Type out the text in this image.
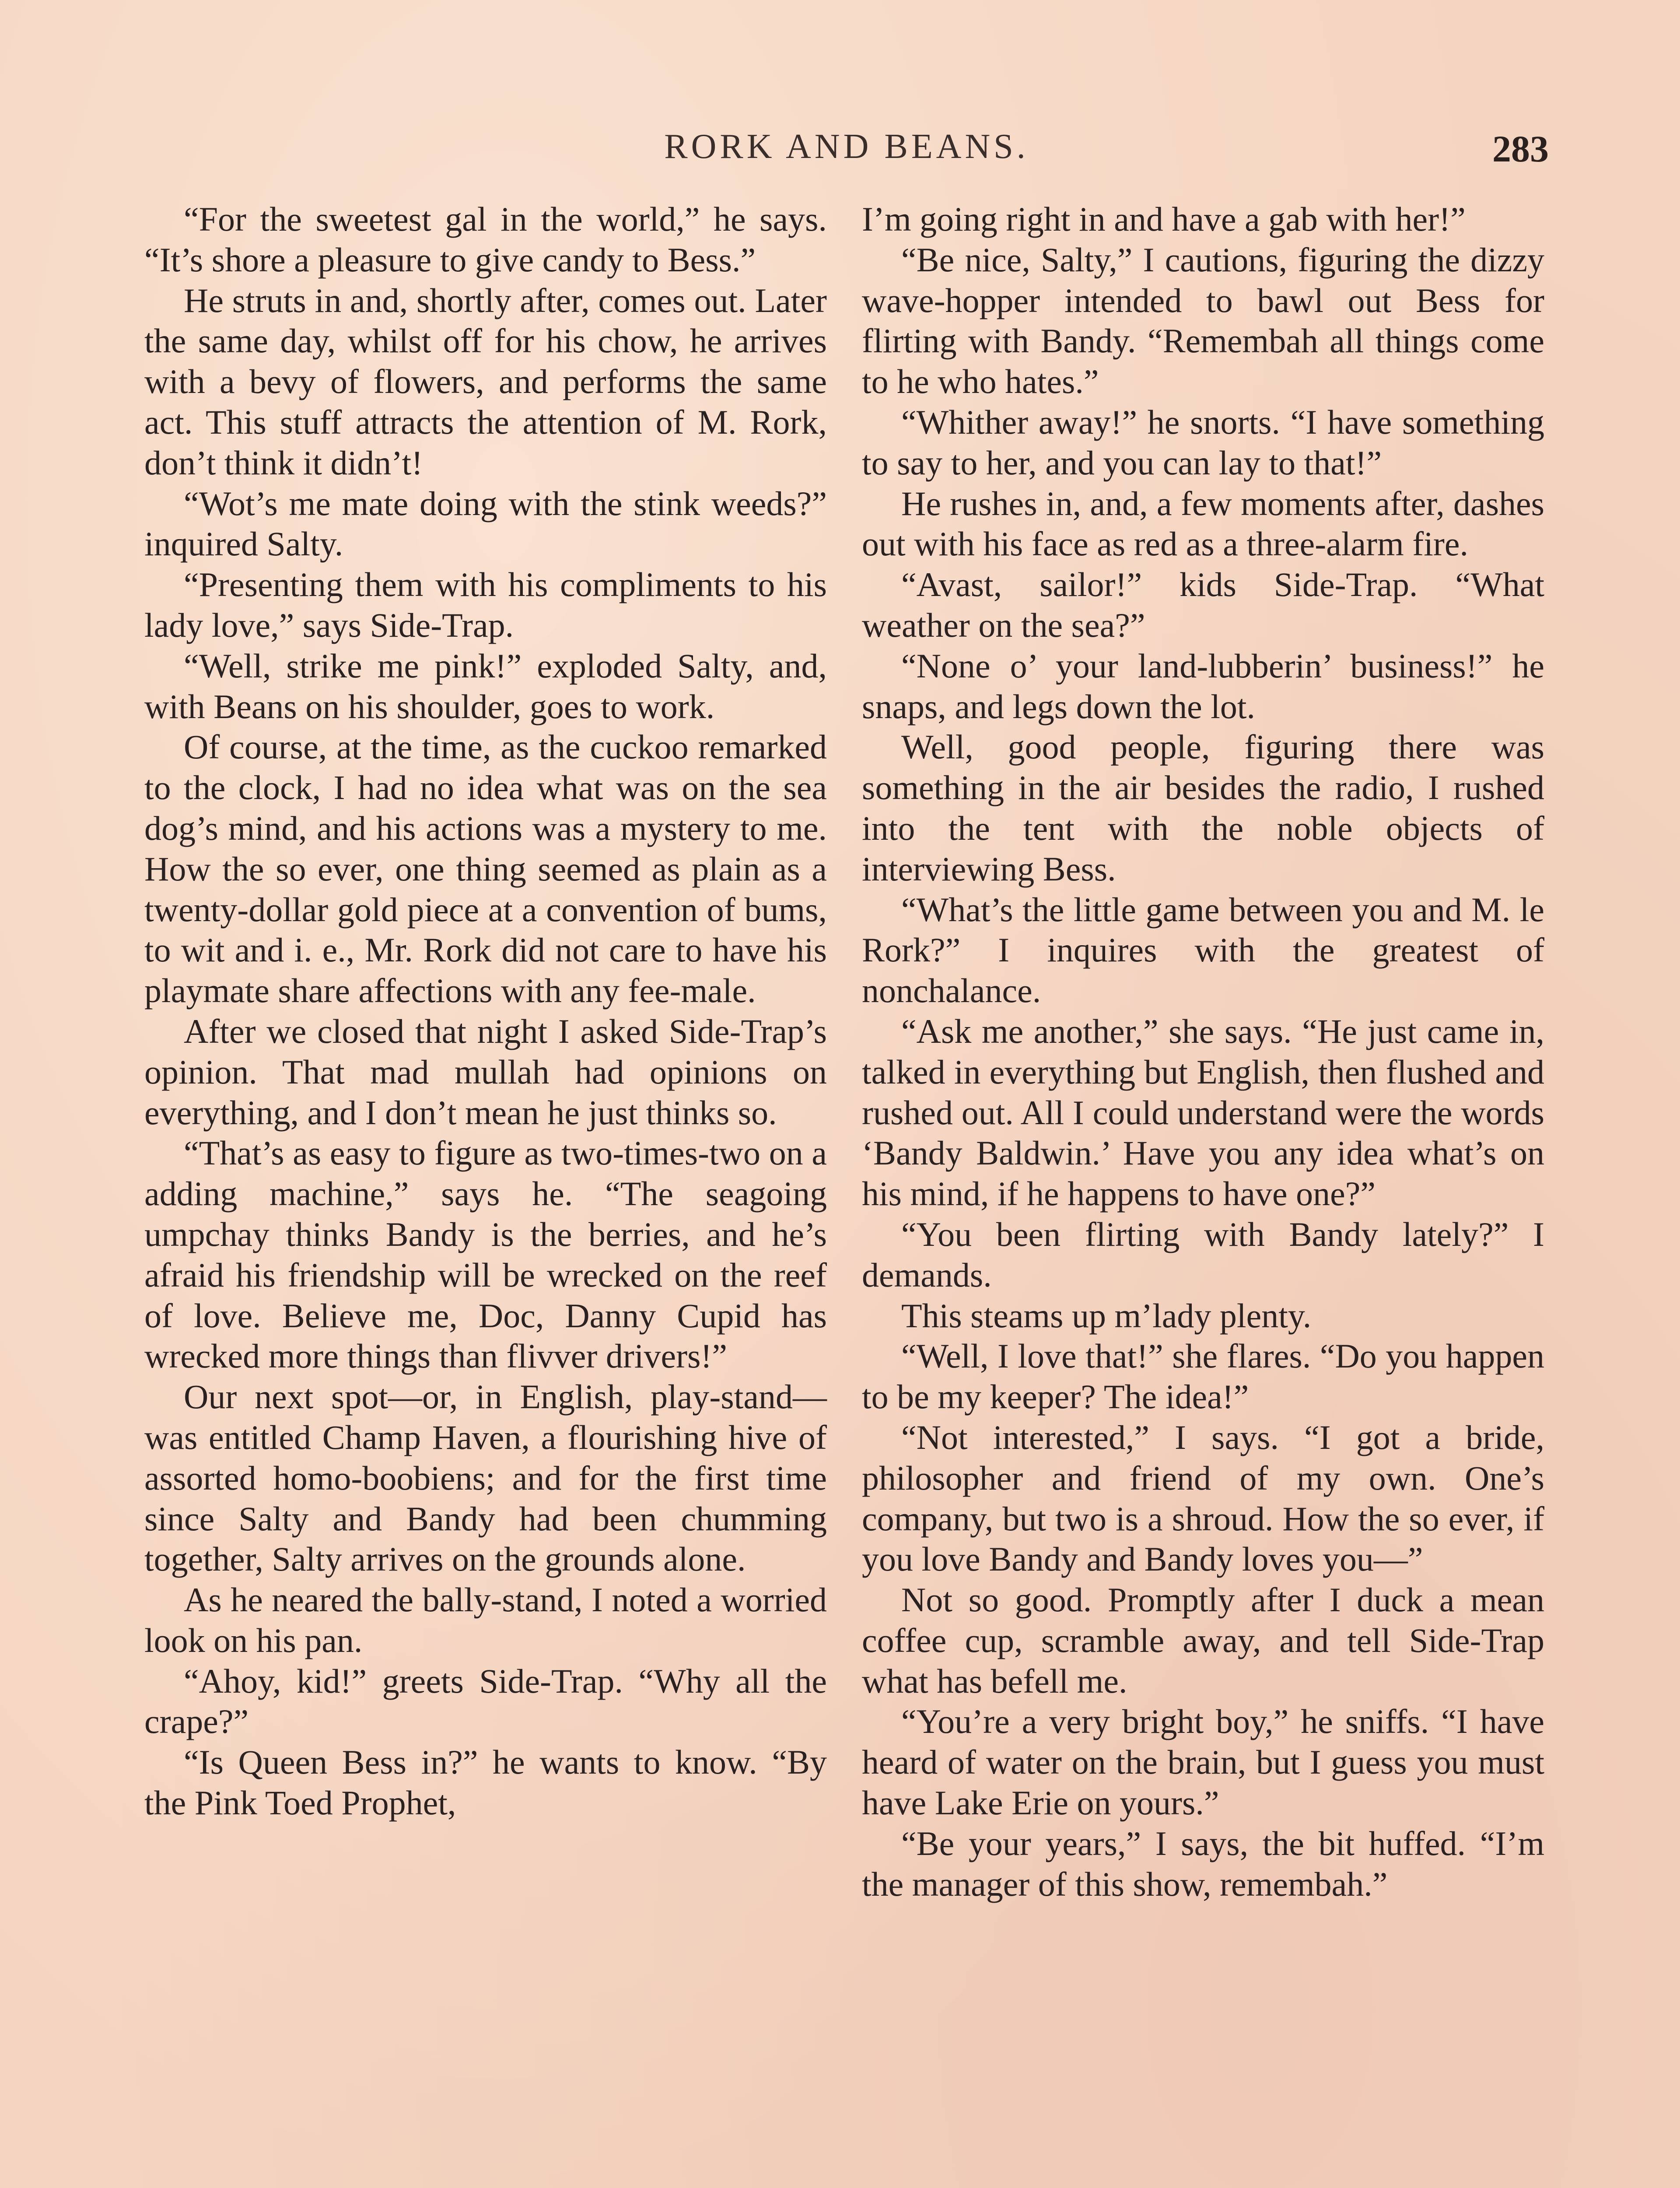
RORK AND BEANS.	283

“For the sweetest gal in the world,” he says. “It’s shore a pleasure to give candy to Bess.”

He struts in and, shortly after, comes out. Later the same day, whilst off for his chow, he arrives with a bevy of flowers, and performs the same act. This stuff attracts the attention of M. Rork, don’t think it didn’t!

“Wot’s me mate doing with the stink weeds?” inquired Salty.

“Presenting them with his compliments to his lady love,” says Side-Trap.

“Well, strike me pink!” exploded Salty, and, with Beans on his shoulder, goes to work.

Of course, at the time, as the cuckoo remarked to the clock, I had no idea what was on the sea dog’s mind, and his actions was a mystery to me. How the so ever, one thing seemed as plain as a twenty-dollar gold piece at a convention of bums, to wit and i. e., Mr. Rork did not care to have his playmate share affections with any fee-male.

After we closed that night I asked Side-Trap’s opinion. That mad mullah had opinions on everything, and I don’t mean he just thinks so.

“That’s as easy to figure as two-times-two on a adding machine,” says he. “The seagoing umpchay thinks Bandy is the berries, and he’s afraid his friendship will be wrecked on the reef of love. Believe me, Doc, Danny Cupid has wrecked more things than flivver drivers!”

Our next spot—or, in English, play-stand—was entitled Champ Haven, a flourishing hive of assorted homo-boobiens; and for the first time since Salty and Bandy had been chumming together, Salty arrives on the grounds alone.

As he neared the bally-stand, I noted a worried look on his pan.

“Ahoy, kid!” greets Side-Trap. “Why all the crape?”

“Is Queen Bess in?” he wants to know. “By the Pink Toed Prophet,

I’m going right in and have a gab with her!”

“Be nice, Salty,” I cautions, figuring the dizzy wave-hopper intended to bawl out Bess for flirting with Bandy. “Remembah all things come to he who hates.”

“Whither away!” he snorts. “I have something to say to her, and you can lay to that!”

He rushes in, and, a few moments after, dashes out with his face as red as a three-alarm fire.

“Avast, sailor!” kids Side-Trap. “What weather on the sea?”

“None o’ your land-lubberin’ business!” he snaps, and legs down the lot.

Well, good people, figuring there was something in the air besides the radio, I rushed into the tent with the noble objects of interviewing Bess.

“What’s the little game between you and M. le Rork?” I inquires with the greatest of nonchalance.

“Ask me another,” she says. “He just came in, talked in everything but English, then flushed and rushed out. All I could understand were the words ‘Bandy Baldwin.’ Have you any idea what’s on his mind, if he happens to have one?”

“You been flirting with Bandy lately?” I demands.

This steams up m’lady plenty.

“Well, I love that!” she flares. “Do you happen to be my keeper? The idea!”

“Not interested,” I says. “I got a bride, philosopher and friend of my own. One’s company, but two is a shroud. How the so ever, if you love Bandy and Bandy loves you—”

Not so good. Promptly after I duck a mean coffee cup, scramble away, and tell Side-Trap what has befell me.

“You’re a very bright boy,” he sniffs. “I have heard of water on the brain, but I guess you must have Lake Erie on yours.”

“Be your years,” I says, the bit huffed. “I’m the manager of this show, remembah.”
